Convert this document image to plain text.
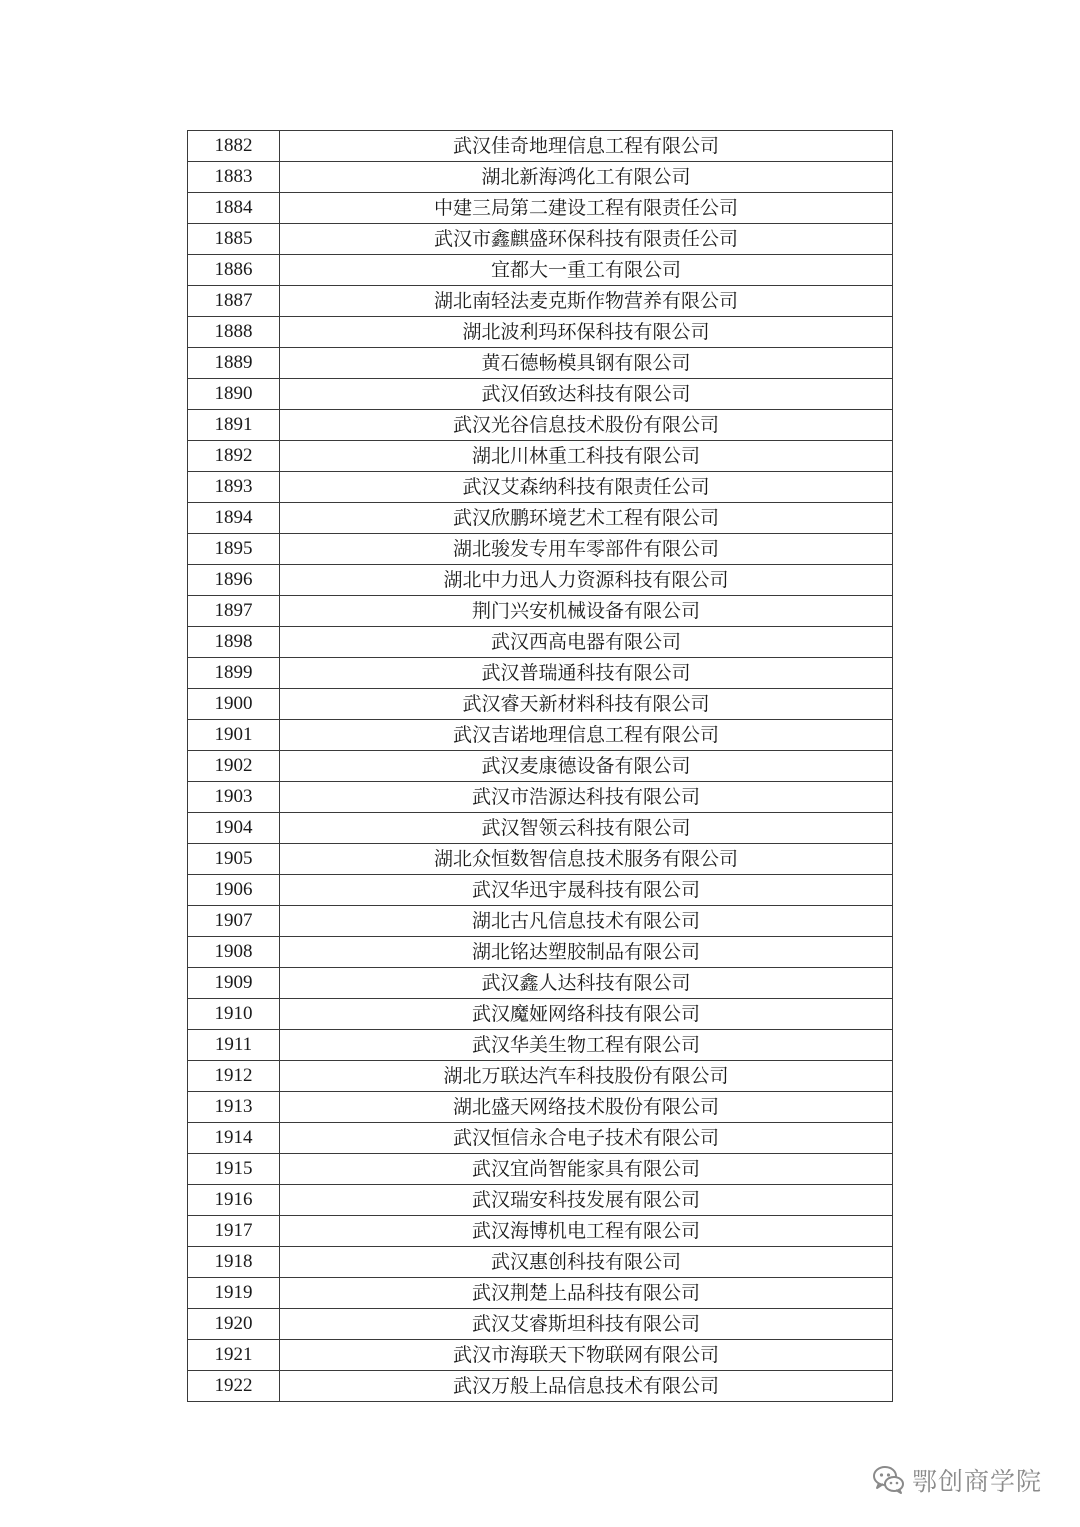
1882	武汉佳奇地理信息工程有限公司
1883	湖北新海鸿化工有限公司
1884	中建三局第二建设工程有限责任公司
1885	武汉市鑫麒盛环保科技有限责任公司
1886	宜都大一重工有限公司
1887	湖北南轻法麦克斯作物营养有限公司
1888	湖北波利玛环保科技有限公司
1889	黄石德畅模具钢有限公司
1890	武汉佰致达科技有限公司
1891	武汉光谷信息技术股份有限公司
1892	湖北川林重工科技有限公司
1893	武汉艾森纳科技有限责任公司
1894	武汉欣鹏环境艺术工程有限公司
1895	湖北骏发专用车零部件有限公司
1896	湖北中力迅人力资源科技有限公司
1897	荆门兴安机械设备有限公司
1898	武汉西高电器有限公司
1899	武汉普瑞通科技有限公司
1900	武汉睿天新材料科技有限公司
1901	武汉吉诺地理信息工程有限公司
1902	武汉麦康德设备有限公司
1903	武汉市浩源达科技有限公司
1904	武汉智领云科技有限公司
1905	湖北众恒数智信息技术服务有限公司
1906	武汉华迅宇晟科技有限公司
1907	湖北古凡信息技术有限公司
1908	湖北铭达塑胶制品有限公司
1909	武汉鑫人达科技有限公司
1910	武汉魔娅网络科技有限公司
1911	武汉华美生物工程有限公司
1912	湖北万联达汽车科技股份有限公司
1913	湖北盛天网络技术股份有限公司
1914	武汉恒信永合电子技术有限公司
1915	武汉宜尚智能家具有限公司
1916	武汉瑞安科技发展有限公司
1917	武汉海博机电工程有限公司
1918	武汉惠创科技有限公司
1919	武汉荆楚上品科技有限公司
1920	武汉艾睿斯坦科技有限公司
1921	武汉市海联天下物联网有限公司
1922	武汉万般上品信息技术有限公司
鄂创商学院
